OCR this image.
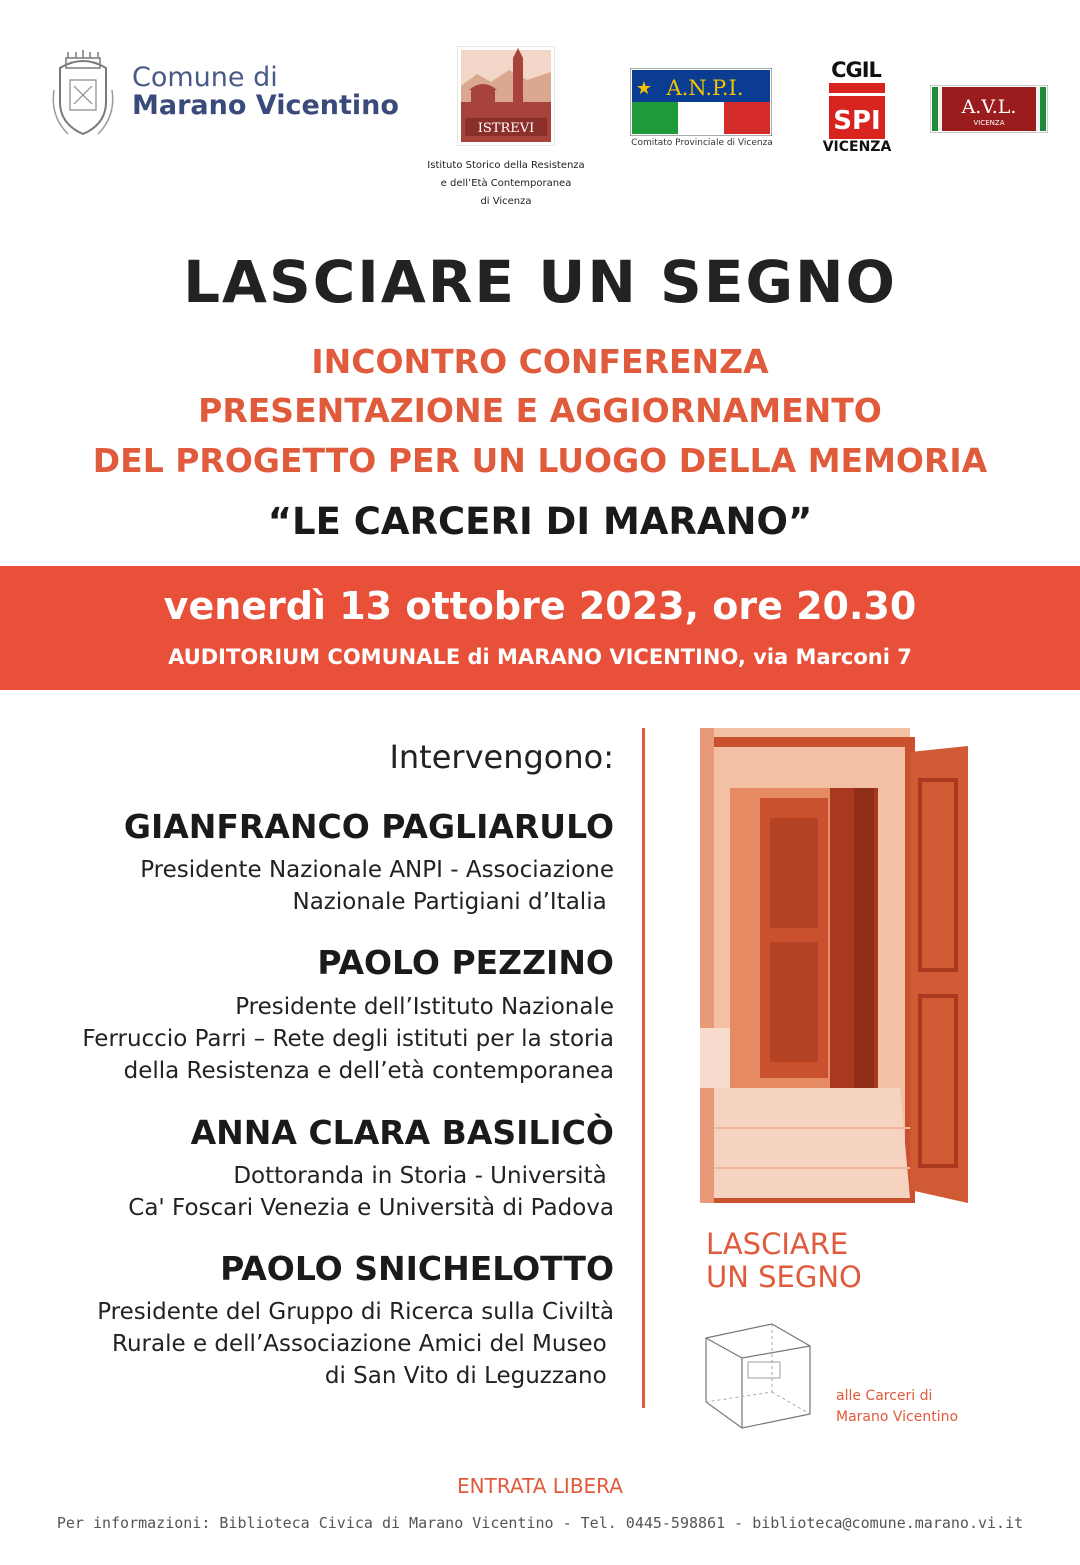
Comune di
Marano Vicentino
ISTREVI
Istituto Storico della Resistenza
e dell’Età Contemporanea
di Vicenza
A.N.P.I.
★
Comitato Provinciale di Vicenza
CGIL
SPI
VICENZA
A.V.L.
VICENZA
LASCIARE UN SEGNO
INCONTRO CONFERENZA
PRESENTAZIONE E AGGIORNAMENTO
DEL PROGETTO PER UN LUOGO DELLA MEMORIA
“LE CARCERI DI MARANO”
venerdì 13 ottobre 2023, ore 20.30
AUDITORIUM COMUNALE di MARANO VICENTINO, via Marconi 7
Intervengono:
GIANFRANCO PAGLIARULO
Presidente Nazionale ANPI - Associazione
Nazionale Partigiani d’Italia
PAOLO PEZZINO
Presidente dell’Istituto Nazionale
Ferruccio Parri – Rete degli istituti per la storia
della Resistenza e dell’età contemporanea
ANNA CLARA BASILICÒ
Dottoranda in Storia - Università
Ca' Foscari Venezia e Università di Padova
PAOLO SNICHELOTTO
Presidente del Gruppo di Ricerca sulla Civiltà
Rurale e dell’Associazione Amici del Museo
di San Vito di Leguzzano
LASCIARE
UN SEGNO
alle Carceri di
Marano Vicentino
ENTRATA LIBERA
Per informazioni: Biblioteca Civica di Marano Vicentino - Tel. 0445-598861 - biblioteca@comune.marano.vi.it
